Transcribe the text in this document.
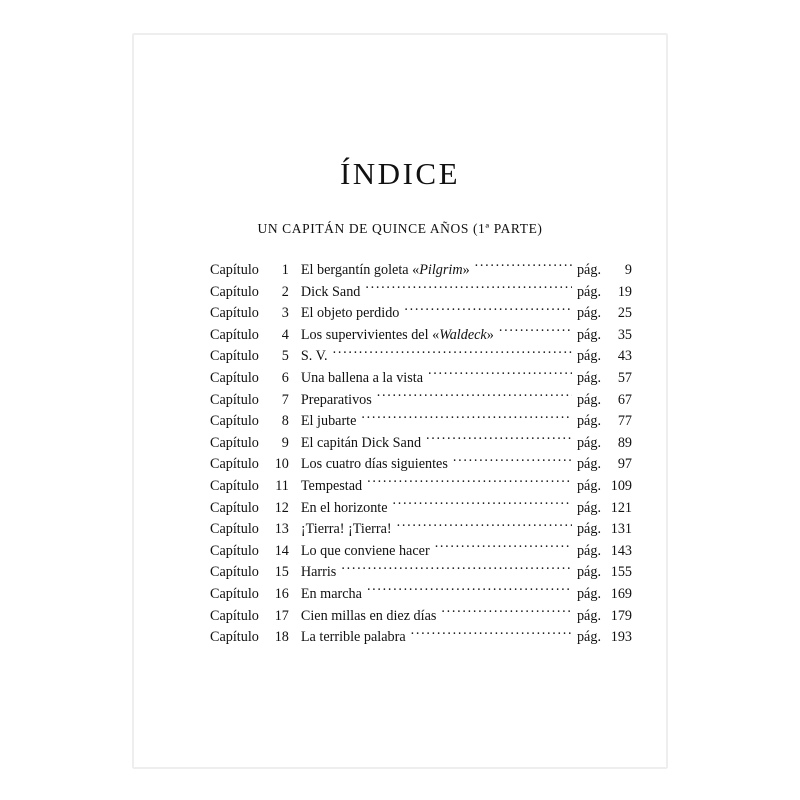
ÍNDICE
UN CAPITÁN DE QUINCE AÑOS (1ª PARTE)
Capítulo	1 El bergantín goleta «Pilgrim» .....	pág.	9
Capítulo	2 Dick Sand .....	pág.	19
Capítulo	3 El objeto perdido .....	pág.	25
Capítulo	4 Los supervivientes del «Waldeck» .....	pág.	35
Capítulo	5 S. V. .....	pág.	43
Capítulo	6 Una ballena a la vista .....	pág.	57
Capítulo	7 Preparativos .....	pág.	67
Capítulo	8 El jubarte .....	pág.	77
Capítulo	9 El capitán Dick Sand .....	pág.	89
Capítulo	10 Los cuatro días siguientes .....	pág.	97
Capítulo	11 Tempestad .....	pág. 109
Capítulo	12 En el horizonte .....	pág. 121
Capítulo	13 ¡Tierra! ¡Tierra! .....	pág. 131
Capítulo	14 Lo que conviene hacer .....	pág. 143
Capítulo	15 Harris .....	pág. 155
Capítulo	16 En marcha .....	pág. 169
Capítulo	17 Cien millas en diez días .....	pág. 179
Capítulo	18 La terrible palabra .....	pág. 193
